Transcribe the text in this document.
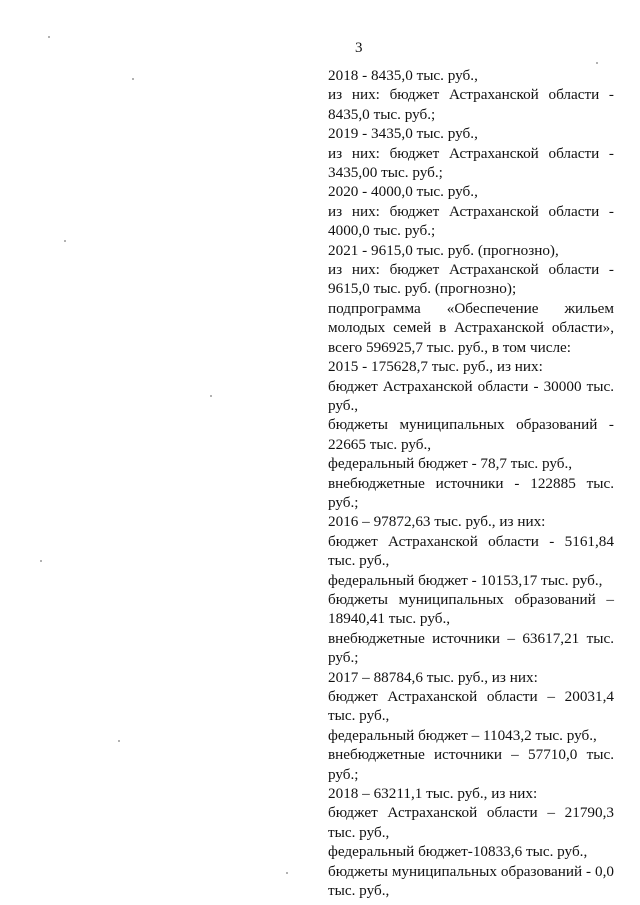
3

2018 - 8435,0 тыс. руб.,

из них: бюджет Астраханской области - 8435,0 тыс. руб.;

2019 - 3435,0 тыс. руб.,

из них: бюджет Астраханской области - 3435,00 тыс. руб.;

2020 - 4000,0 тыс. руб.,

из них: бюджет Астраханской области - 4000,0 тыс. руб.;

2021 - 9615,0 тыс. руб. (прогнозно),

из них: бюджет Астраханской области - 9615,0 тыс. руб. (прогнозно);

подпрограмма «Обеспечение жильем молодых семей в Астраханской области», всего 596925,7 тыс. руб., в том числе:

2015 - 175628,7 тыс. руб., из них:

бюджет Астраханской области - 30000 тыс. руб.,

бюджеты муниципальных образований - 22665 тыс. руб.,

федеральный бюджет - 78,7 тыс. руб.,

внебюджетные источники - 122885 тыс. руб.;

2016 – 97872,63 тыс. руб., из них:

бюджет Астраханской области - 5161,84 тыс. руб.,

федеральный бюджет - 10153,17 тыс. руб.,

бюджеты муниципальных образований – 18940,41 тыс. руб.,

внебюджетные источники – 63617,21 тыс. руб.;

2017 – 88784,6 тыс. руб., из них:

бюджет Астраханской области – 20031,4 тыс. руб.,

федеральный бюджет – 11043,2 тыс. руб.,

внебюджетные источники – 57710,0 тыс. руб.;

2018 – 63211,1 тыс. руб., из них:

бюджет Астраханской области – 21790,3 тыс. руб.,

федеральный бюджет-10833,6 тыс. руб.,

бюджеты муниципальных образований - 0,0 тыс. руб.,
